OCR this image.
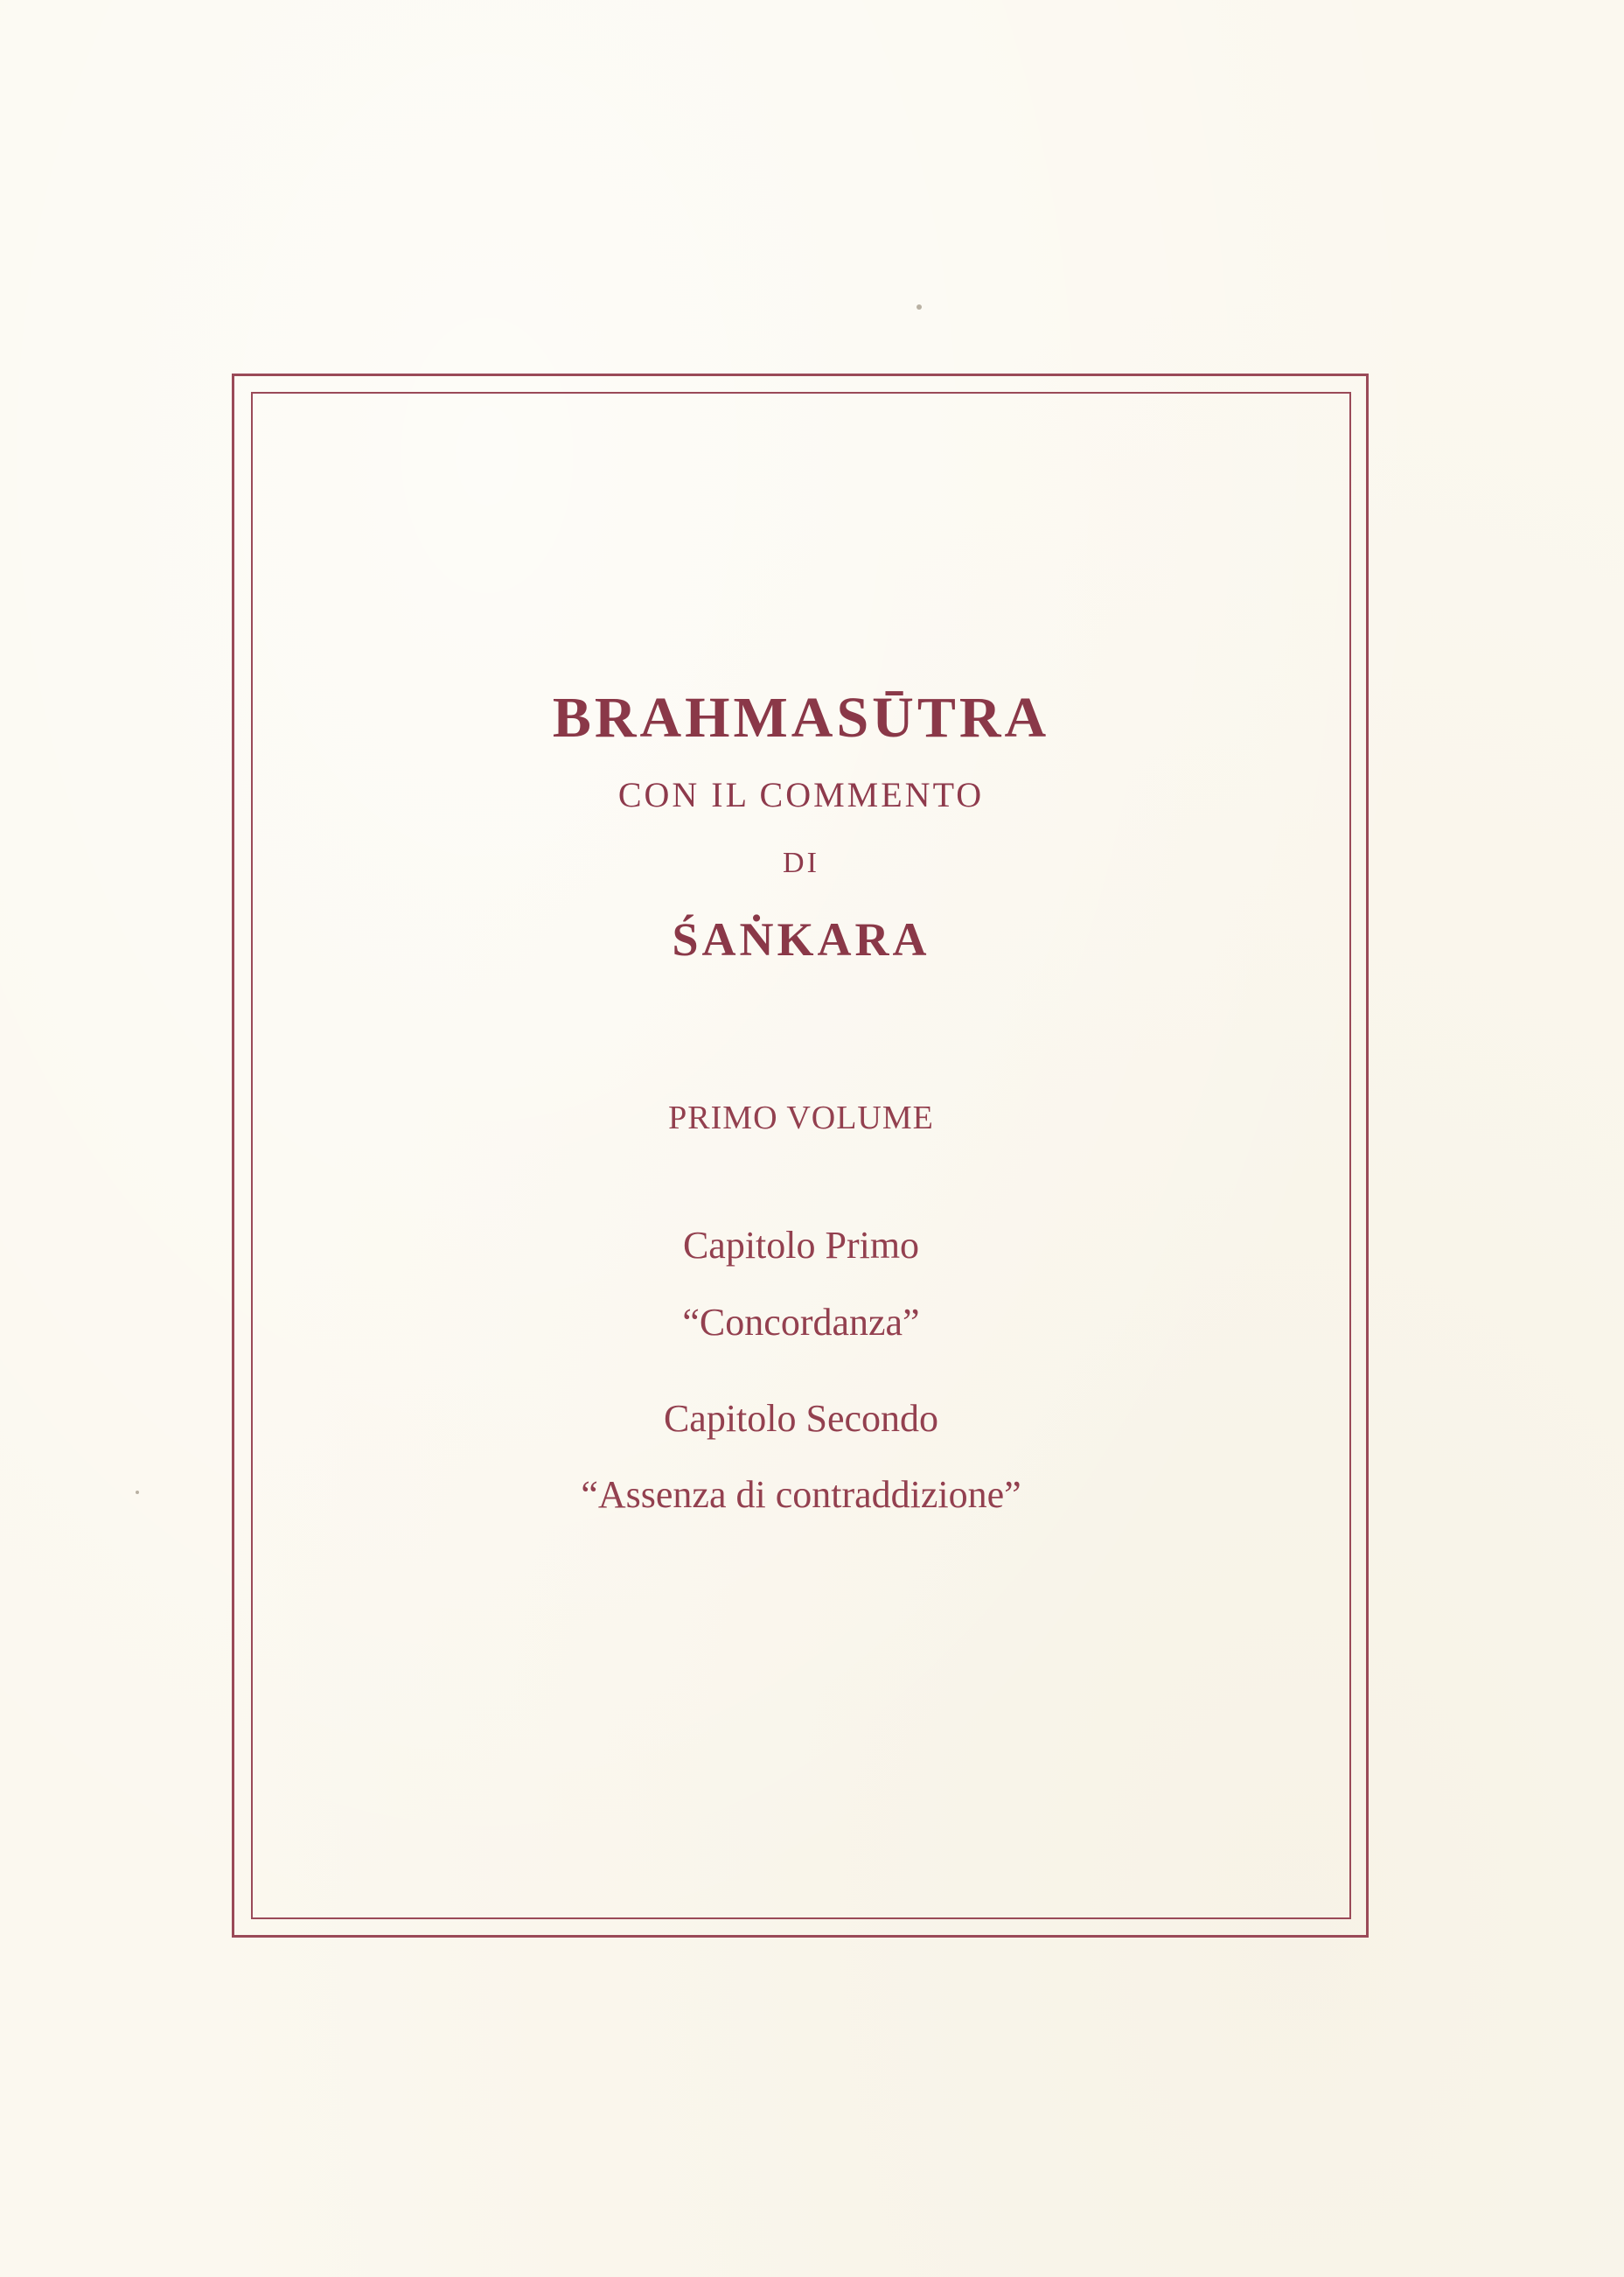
BRAHMASŪTRA
CON IL COMMENTO
DI
ŚAṄKARA
PRIMO VOLUME
Capitolo Primo
“Concordanza”
Capitolo Secondo
“Assenza di contraddizione”
